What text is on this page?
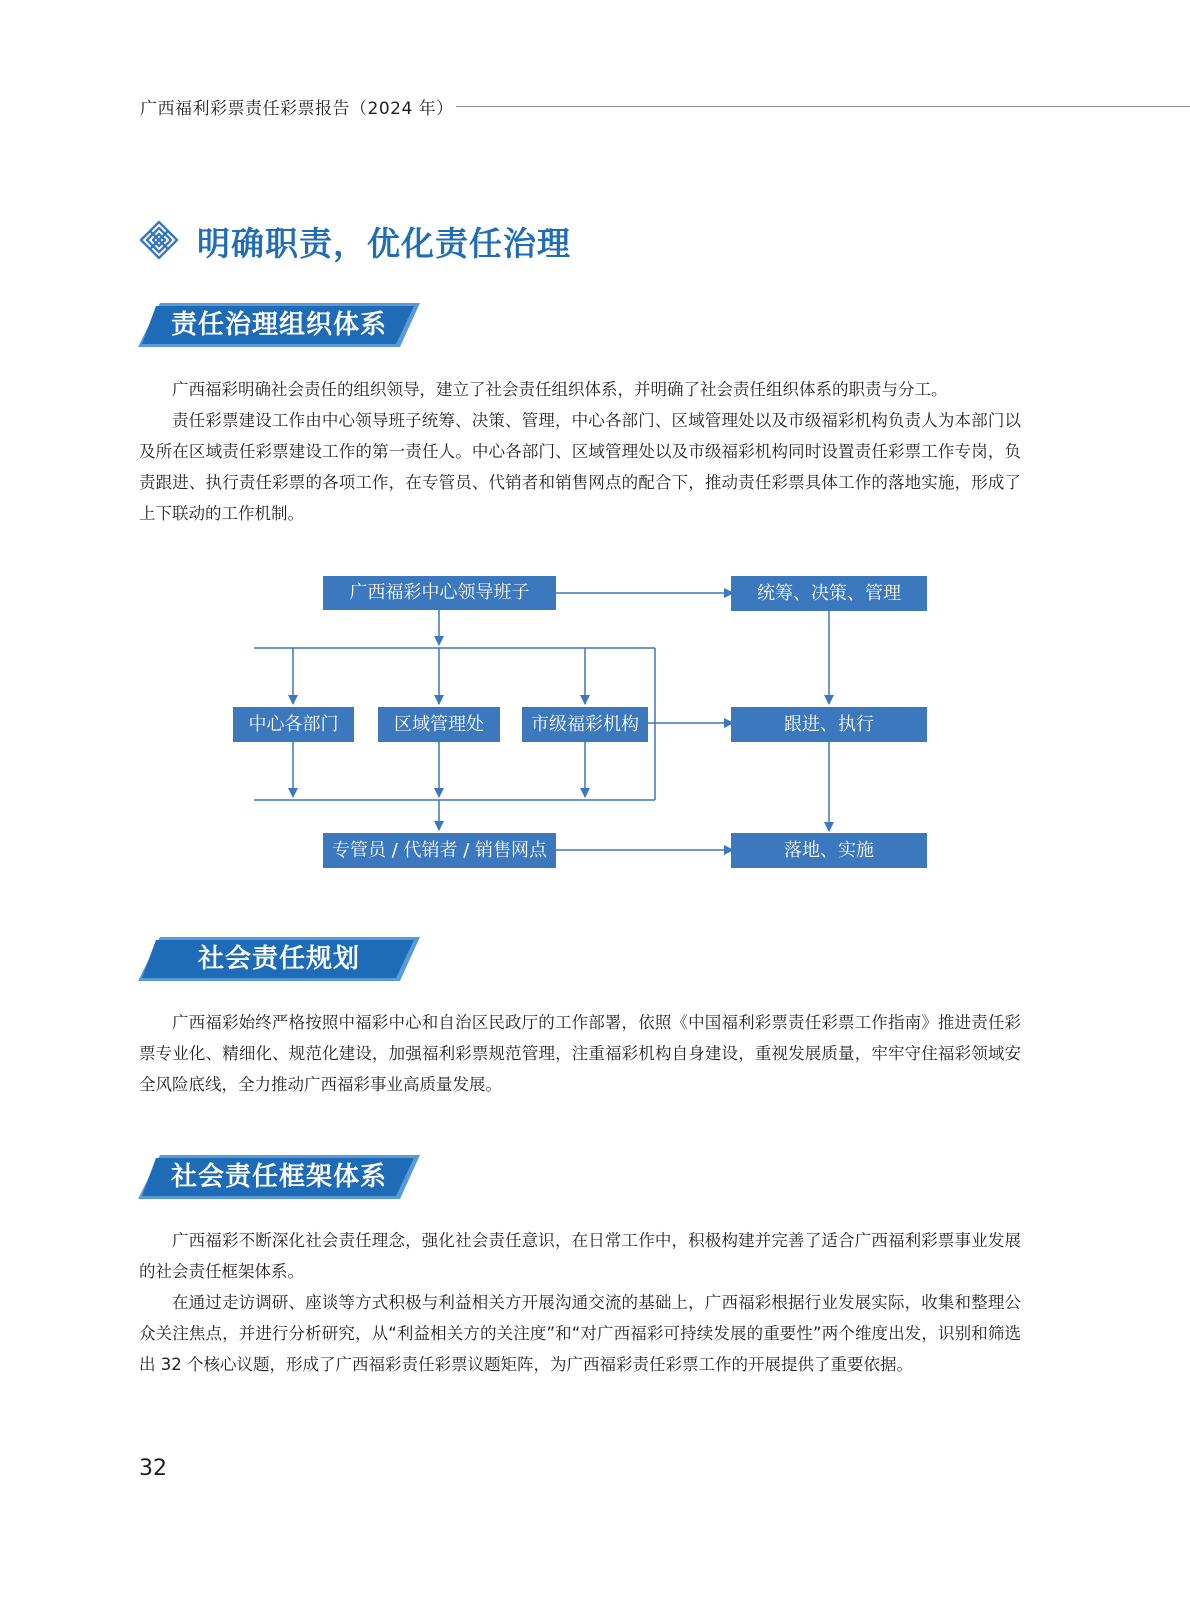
广西福利彩票责任彩票报告（2024 年）
明确职责，优化责任治理
责任治理组织体系

广西福彩明确社会责任的组织领导，建立了社会责任组织体系，并明确了社会责任组织体系的职责与分工。

责任彩票建设工作由中心领导班子统筹、决策、管理，中心各部门、区域管理处以及市级福彩机构负责人为本部门以及所在区域责任彩票建设工作的第一责任人。中心各部门、区域管理处以及市级福彩机构同时设置责任彩票工作专岗，负责跟进、执行责任彩票的各项工作，在专管员、代销者和销售网点的配合下，推动责任彩票具体工作的落地实施，形成了上下联动的工作机制。

广西福彩中心领导班子	统筹、决策、管理
中心各部门	区域管理处	市级福彩机构	跟进、执行
专管员 / 代销者 / 销售网点	落地、实施
社会责任规划

广西福彩始终严格按照中福彩中心和自治区民政厅的工作部署，依照《中国福利彩票责任彩票工作指南》推进责任彩票专业化、精细化、规范化建设，加强福利彩票规范管理，注重福彩机构自身建设，重视发展质量，牢牢守住福彩领域安全风险底线，全力推动广西福彩事业高质量发展。

社会责任框架体系

广西福彩不断深化社会责任理念，强化社会责任意识，在日常工作中，积极构建并完善了适合广西福利彩票事业发展的社会责任框架体系。

在通过走访调研、座谈等方式积极与利益相关方开展沟通交流的基础上，广西福彩根据行业发展实际，收集和整理公众关注焦点，并进行分析研究，从“利益相关方的关注度”和“对广西福彩可持续发展的重要性”两个维度出发，识别和筛选出 32 个核心议题，形成了广西福彩责任彩票议题矩阵，为广西福彩责任彩票工作的开展提供了重要依据。

32
